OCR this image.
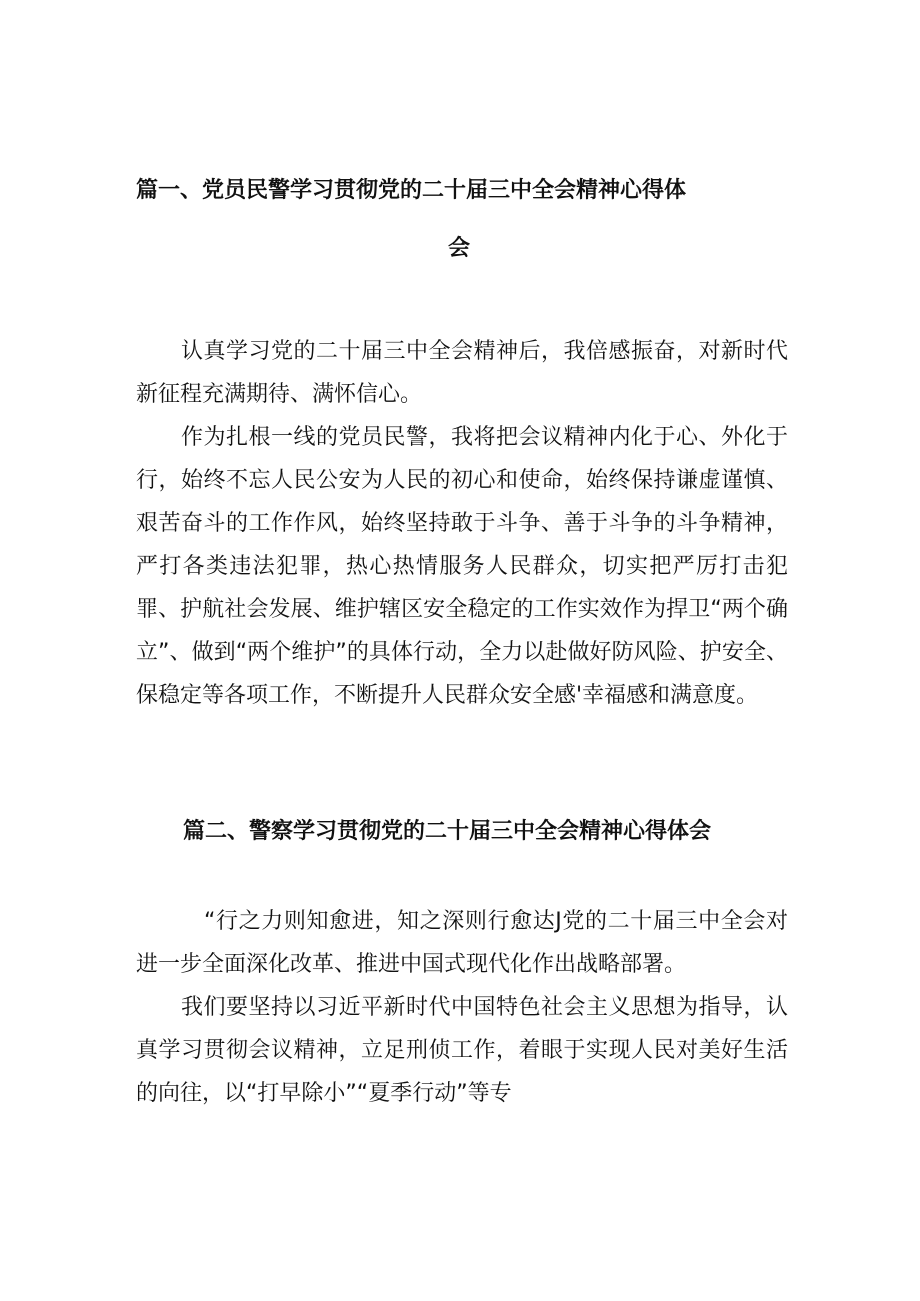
篇一、党员民警学习贯彻党的二十届三中全会精神心得体
会

认真学习党的二十届三中全会精神后，我倍感振奋，对新时代新征程充满期待、满怀信心。

作为扎根一线的党员民警，我将把会议精神内化于心、外化于行，始终不忘人民公安为人民的初心和使命，始终保持谦虚谨慎、艰苦奋斗的工作作风，始终坚持敢于斗争、善于斗争的斗争精神，严打各类违法犯罪，热心热情服务人民群众，切实把严厉打击犯罪、护航社会发展、维护辖区安全稳定的工作实效作为捍卫“两个确立”、做到“两个维护”的具体行动，全力以赴做好防风险、护安全、保稳定等各项工作，不断提升人民群众安全感'幸福感和满意度。

篇二、警察学习贯彻党的二十届三中全会精神心得体会

“行之力则知愈进，知之深则行愈达J党的二十届三中全会对进一步全面深化改革、推进中国式现代化作出战略部署。

我们要坚持以习近平新时代中国特色社会主义思想为指导，认真学习贯彻会议精神，立足刑侦工作，着眼于实现人民对美好生活的向往，以“打早除小”“夏季行动”等专
